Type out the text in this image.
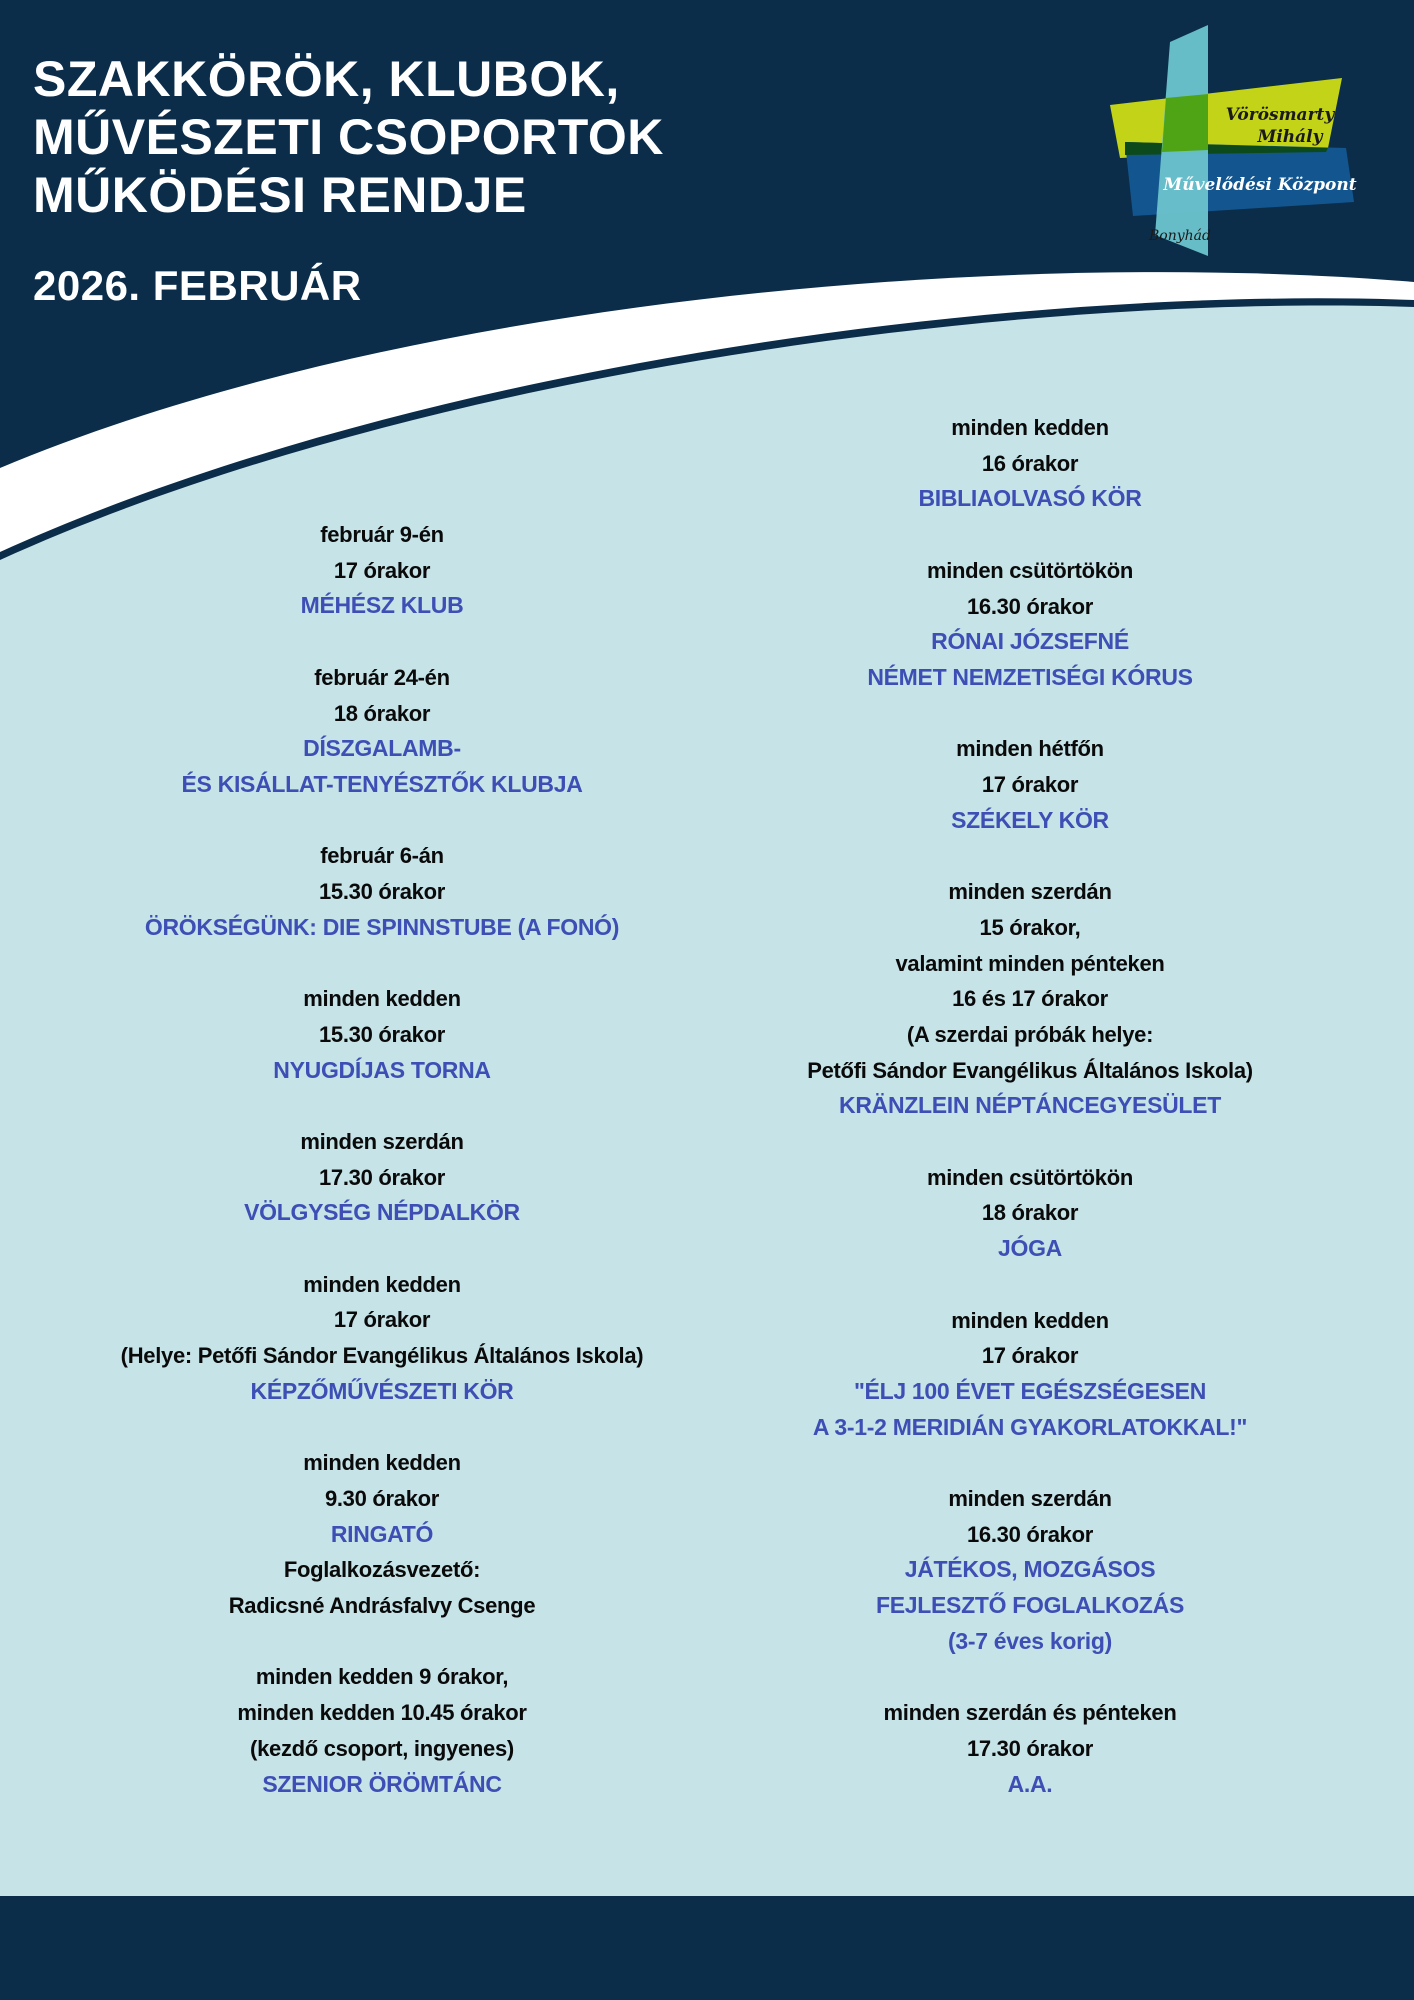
SZAKKÖRÖK, KLUBOK,
MŰVÉSZETI CSOPORTOK
MŰKÖDÉSI RENDJE
2026. FEBRUÁR
Vörösmarty
Mihály
Művelődési Központ
Bonyhád
február 9-én
17 órakor
MÉHÉSZ KLUB
február 24-én
18 órakor
DÍSZGALAMB-
ÉS KISÁLLAT-TENYÉSZTŐK KLUBJA
február 6-án
15.30 órakor
ÖRÖKSÉGÜNK: DIE SPINNSTUBE (A FONÓ)
minden kedden
15.30 órakor
NYUGDÍJAS TORNA
minden szerdán
17.30 órakor
VÖLGYSÉG NÉPDALKÖR
minden kedden
17 órakor
(Helye: Petőfi Sándor Evangélikus Általános Iskola)
KÉPZŐMŰVÉSZETI KÖR
minden kedden
9.30 órakor
RINGATÓ
Foglalkozásvezető:
Radicsné Andrásfalvy Csenge
minden kedden 9 órakor,
minden kedden 10.45 órakor
(kezdő csoport, ingyenes)
SZENIOR ÖRÖMTÁNC
minden kedden
16 órakor
BIBLIAOLVASÓ KÖR
minden csütörtökön
16.30 órakor
RÓNAI JÓZSEFNÉ
NÉMET NEMZETISÉGI KÓRUS
minden hétfőn
17 órakor
SZÉKELY KÖR
minden szerdán
15 órakor,
valamint minden pénteken
16 és 17 órakor
(A szerdai próbák helye:
Petőfi Sándor Evangélikus Általános Iskola)
KRÄNZLEIN NÉPTÁNCEGYESÜLET
minden csütörtökön
18 órakor
JÓGA
minden kedden
17 órakor
"ÉLJ 100 ÉVET EGÉSZSÉGESEN
A 3-1-2 MERIDIÁN GYAKORLATOKKAL!"
minden szerdán
16.30 órakor
JÁTÉKOS, MOZGÁSOS
FEJLESZTŐ FOGLALKOZÁS
(3-7 éves korig)
minden szerdán és pénteken
17.30 órakor
A.A.
